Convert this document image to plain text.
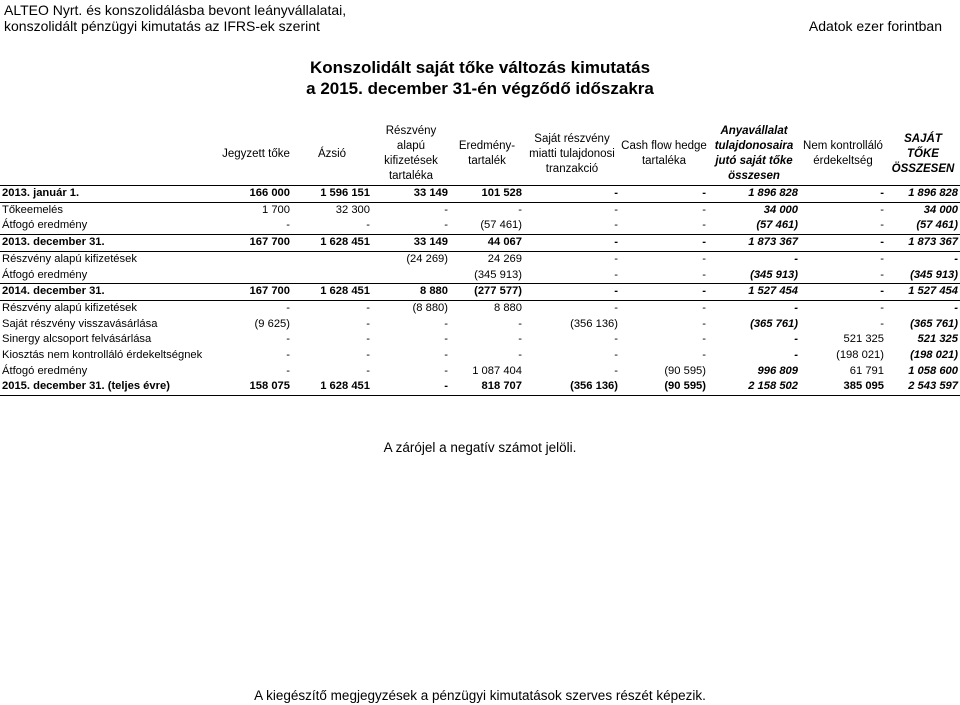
ALTEO Nyrt. és konszolidálásba bevont leányvállalatai,
konszolidált pénzügyi kimutatás az IFRS-ek szerint	Adatok ezer forintban
Konszolidált saját tőke változás kimutatás
a 2015. december 31-én végződő időszakra
	Jegyzett tőke	Ázsió	Részvény alapú kifizetések tartaléka	Eredmény-tartalék	Saját részvény miatti tulajdonosi tranzakció	Cash flow hedge tartaléka	Anyavállalat tulajdonosaira jutó saját tőke összesen	Nem kontrolláló érdekeltség	SAJÁT TŐKE ÖSSZESEN
2013. január 1.	166 000	1 596 151	33 149	101 528	-	-	1 896 828	-	1 896 828
Tőkeemelés	1 700	32 300	-	-	-	-	34 000	-	34 000
Átfogó eredmény	-	-	-	(57 461)	-	-	(57 461)	-	(57 461)
2013. december 31.	167 700	1 628 451	33 149	44 067	-	-	1 873 367	-	1 873 367
Részvény alapú kifizetések			(24 269)	24 269	-	-	-	-	-
Átfogó eredmény				(345 913)	-	-	(345 913)	-	(345 913)
2014. december 31.	167 700	1 628 451	8 880	(277 577)	-	-	1 527 454	-	1 527 454
Részvény alapú kifizetések	-	-	(8 880)	8 880	-	-	-	-	-
Saját részvény visszavásárlása	(9 625)	-	-	-	(356 136)	-	(365 761)	-	(365 761)
Sinergy alcsoport felvásárlása	-	-	-	-	-	-	-	521 325	521 325
Kiosztás nem kontrolláló érdekeltségnek	-	-	-	-	-	-	-	(198 021)	(198 021)
Átfogó eredmény	-	-	-	1 087 404	-	(90 595)	996 809	61 791	1 058 600
2015. december 31. (teljes évre)	158 075	1 628 451	-	818 707	(356 136)	(90 595)	2 158 502	385 095	2 543 597
A zárójel a negatív számot jelöli.
A kiegészítő megjegyzések a pénzügyi kimutatások szerves részét képezik.
